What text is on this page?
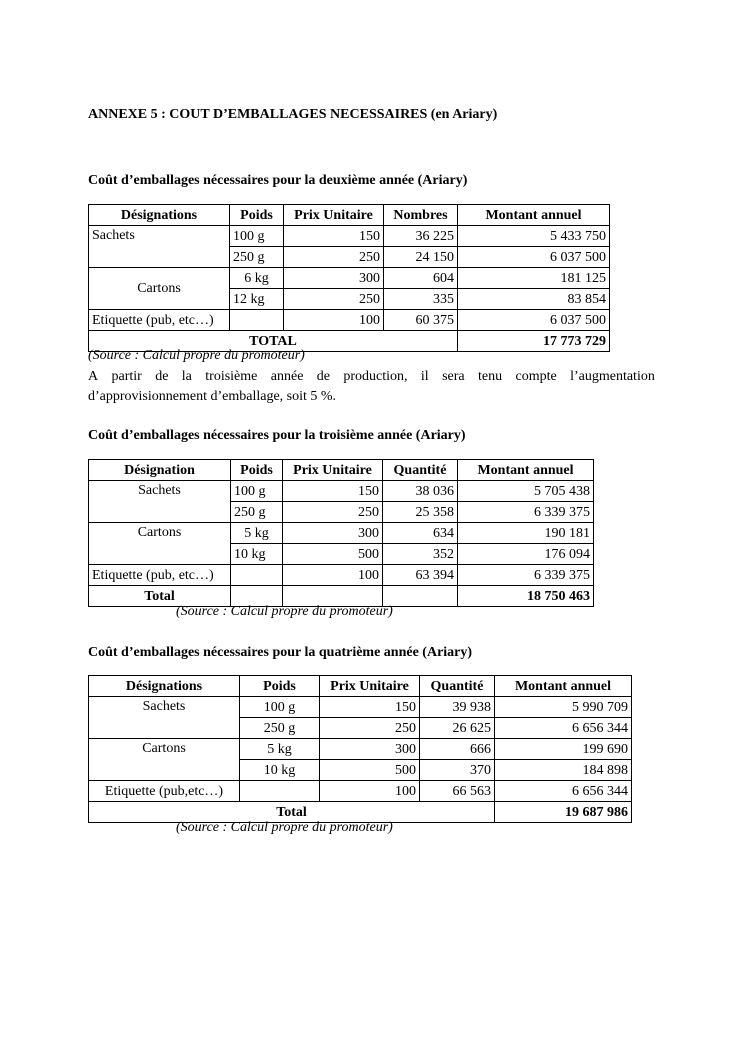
ANNEXE 5 : COUT D’EMBALLAGES NECESSAIRES (en Ariary)
Coût d’emballages nécessaires pour la deuxième année (Ariary)
Désignations	Poids	Prix Unitaire	Nombres	Montant annuel
Sachets	100 g	150	36 225	5 433 750
	250 g	250	24 150	6 037 500
Cartons	6 kg	300	604	181 125
	12 kg	250	335	83 854
Etiquette (pub, etc…)		100	60 375	6 037 500
TOTAL				17 773 729
(Source : Calcul propre du promoteur)
A partir de la troisième année de production, il sera tenu compte l’augmentation
d’approvisionnement d’emballage, soit 5 %.
Coût d’emballages nécessaires pour la troisième année (Ariary)
Désignation	Poids	Prix Unitaire	Quantité	Montant annuel
Sachets	100 g	150	38 036	5 705 438
	250 g	250	25 358	6 339 375
Cartons	5 kg	300	634	190 181
	10 kg	500	352	176 094
Etiquette (pub, etc…)		100	63 394	6 339 375
Total				18 750 463
(Source : Calcul propre du promoteur)
Coût d’emballages nécessaires pour la quatrième année (Ariary)
Désignations	Poids	Prix Unitaire	Quantité	Montant annuel
Sachets	100 g	150	39 938	5 990 709
	250 g	250	26 625	6 656 344
Cartons	5 kg	300	666	199 690
	10 kg	500	370	184 898
Etiquette (pub,etc…)		100	66 563	6 656 344
Total				19 687 986
(Source : Calcul propre du promoteur)
